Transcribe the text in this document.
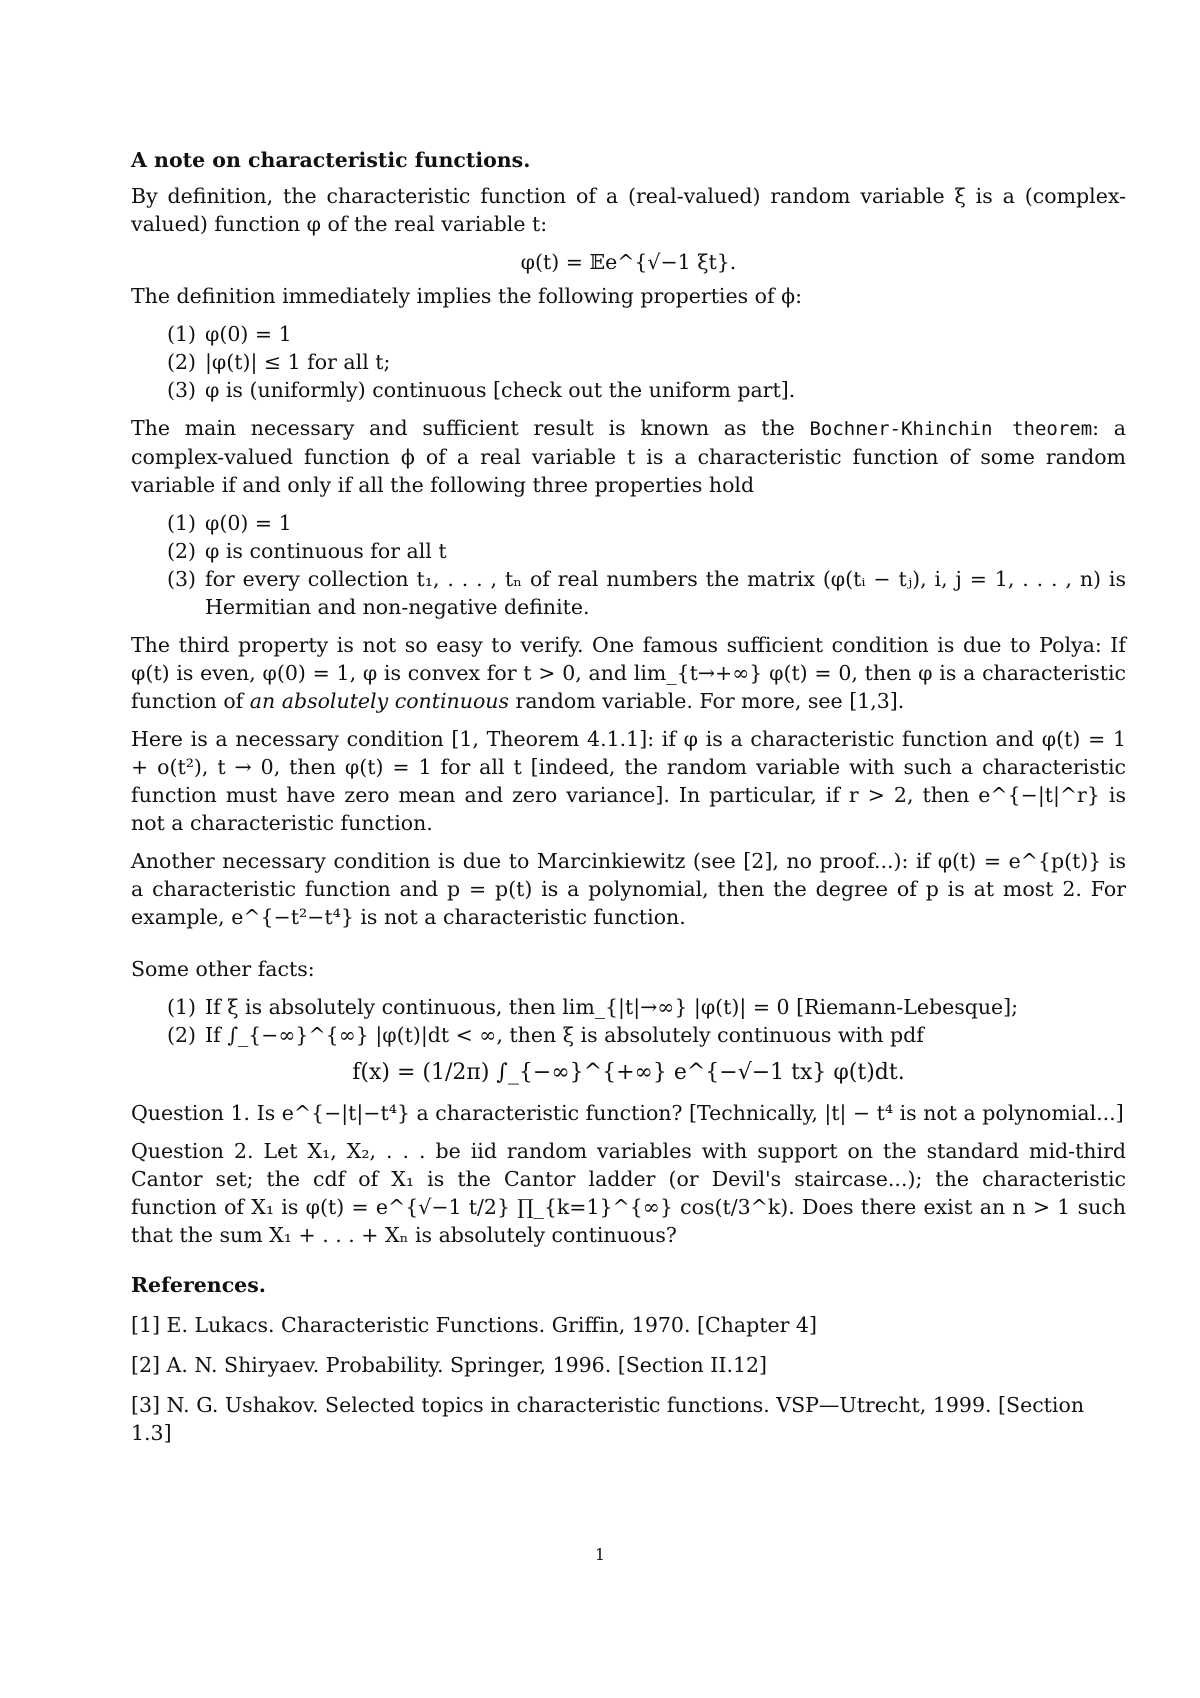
A note on characteristic functions.

By definition, the characteristic function of a (real-valued) random variable ξ is a (complex-valued) function φ of the real variable t:

φ(t) = 𝔼e^{√−1 ξt}.

The definition immediately implies the following properties of ϕ:

(1) φ(0) = 1
(2) |φ(t)| ≤ 1 for all t;
(3) φ is (uniformly) continuous [check out the uniform part].

The main necessary and sufficient result is known as the Bochner-Khinchin theorem: a complex-valued function ϕ of a real variable t is a characteristic function of some random variable if and only if all the following three properties hold

(1) φ(0) = 1
(2) φ is continuous for all t
(3) for every collection t₁, . . . , tₙ of real numbers the matrix (φ(tᵢ − tⱼ), i, j = 1, . . . , n) is Hermitian and non-negative definite.

The third property is not so easy to verify. One famous sufficient condition is due to Polya: If φ(t) is even, φ(0) = 1, φ is convex for t > 0, and lim_{t→+∞} φ(t) = 0, then φ is a characteristic function of an absolutely continuous random variable. For more, see [1,3].

Here is a necessary condition [1, Theorem 4.1.1]: if φ is a characteristic function and φ(t) = 1 + o(t²), t → 0, then φ(t) = 1 for all t [indeed, the random variable with such a characteristic function must have zero mean and zero variance]. In particular, if r > 2, then e^{−|t|^r} is not a characteristic function.

Another necessary condition is due to Marcinkiewitz (see [2], no proof...): if φ(t) = e^{p(t)} is a characteristic function and p = p(t) is a polynomial, then the degree of p is at most 2. For example, e^{−t²−t⁴} is not a characteristic function.

Some other facts:

(1) If ξ is absolutely continuous, then lim_{|t|→∞} |φ(t)| = 0 [Riemann-Lebesque];
(2) If ∫_{−∞}^{∞} |φ(t)|dt < ∞, then ξ is absolutely continuous with pdf
f(x) = (1/2π) ∫_{−∞}^{+∞} e^{−√−1 tx} φ(t)dt.

Question 1. Is e^{−|t|−t⁴} a characteristic function? [Technically, |t| − t⁴ is not a polynomial...]

Question 2. Let X₁, X₂, . . . be iid random variables with support on the standard mid-third Cantor set; the cdf of X₁ is the Cantor ladder (or Devil's staircase...); the characteristic function of X₁ is φ(t) = e^{√−1 t/2} ∏_{k=1}^{∞} cos(t/3^k). Does there exist an n > 1 such that the sum X₁ + . . . + Xₙ is absolutely continuous?

References.
[1] E. Lukacs. Characteristic Functions. Griffin, 1970. [Chapter 4]
[2] A. N. Shiryaev. Probability. Springer, 1996. [Section II.12]
[3] N. G. Ushakov. Selected topics in characteristic functions. VSP—Utrecht, 1999. [Section 1.3]
1
